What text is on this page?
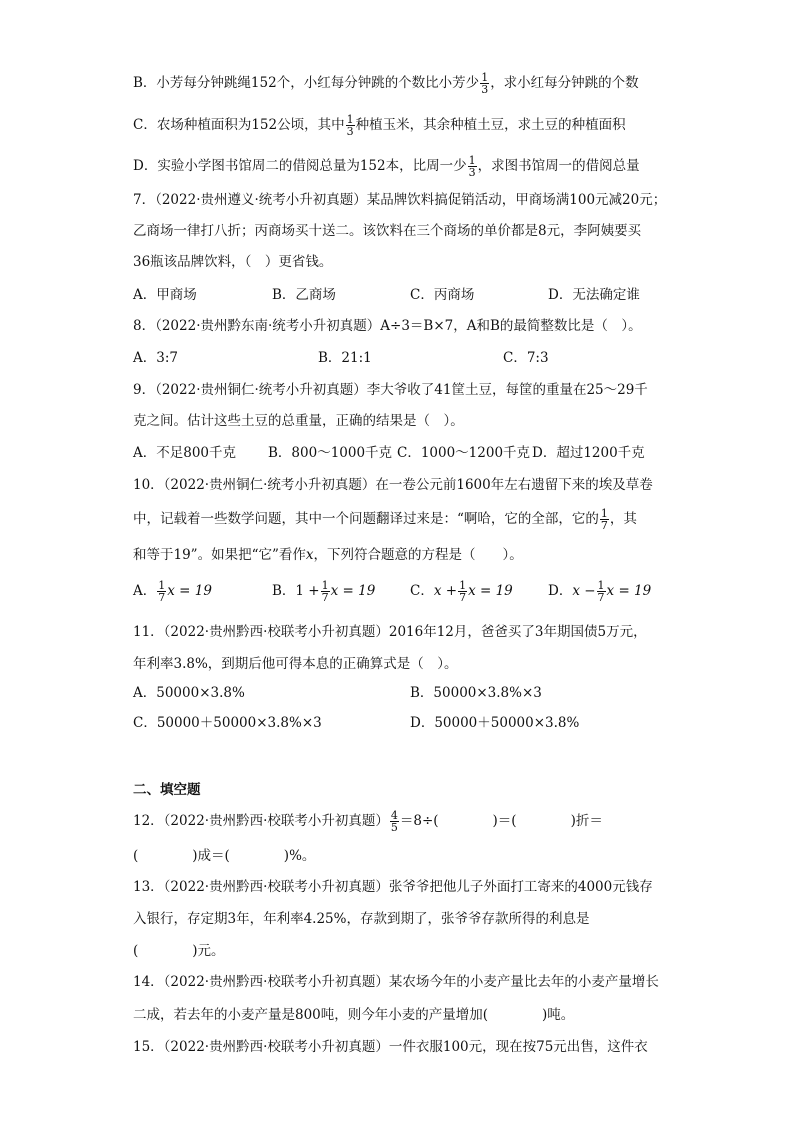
B．小芳每分钟跳绳152个，小红每分钟跳的个数比小芳少 $\frac{1}{3}$ ，求小红每分钟跳的个数
C．农场种植面积为152公顷，其中 $\frac{1}{3}$ 种植玉米，其余种植土豆，求土豆的种植面积
D．实验小学图书馆周二的借阅总量为152本，比周一少 $\frac{1}{3}$ ，求图书馆周一的借阅总量
7．（2022·贵州遵义·统考小升初真题）某品牌饮料搞促销活动，甲商场满100元减20元；
乙商场一律打八折；丙商场买十送二。该饮料在三个商场的单价都是8元，李阿姨要买
36瓶该品牌饮料，（　）更省钱。
A．甲商场	B．乙商场	C．丙商场	D．无法确定谁
8．（2022·贵州黔东南·统考小升初真题）A÷3＝B×7，A和B的最简整数比是（　）。
A．3:7	B．21:1	C．7:3
9．（2022·贵州铜仁·统考小升初真题）李大爷收了41筐土豆，每筐的重量在25～29千
克之间。估计这些土豆的总重量，正确的结果是（　）。
A．不足800千克 B．800～1000千克 C．1000～1200千克 D．超过1200千克
10．（2022·贵州铜仁·统考小升初真题）在一卷公元前1600年左右遗留下来的埃及草卷
中，记载着一些数学问题，其中一个问题翻译过来是：“啊哈，它的全部，它的 $\frac{1}{7}$ ，其
和等于19”。如果把“它”看作x，下列符合题意的方程是（　　）。
A． $\frac{1}{7}$ x = 19	B．$1 + \frac{1}{7}$ x = 19	C．$x + \frac{1}{7}$ x = 19	D．$x - \frac{1}{7}$ x = 19
11．（2022·贵州黔西·校联考小升初真题）2016年12月，爸爸买了3年期国债5万元，
年利率3.8%，到期后他可得本息的正确算式是（　）。
A．50000×3.8%	B．50000×3.8%×3
C．50000＋50000×3.8%×3	D．50000＋50000×3.8%
二、填空题
12．（2022·贵州黔西·校联考小升初真题） $\frac{4}{5} =8\div$(　　　　)＝(　　　　)折＝
(　　　　)成＝(　　　　)%。
13．（2022·贵州黔西·校联考小升初真题）张爷爷把他儿子外面打工寄来的4000元钱存
入银行，存定期3年，年利率4.25%，存款到期了，张爷爷存款所得的利息是
(　　　　)元。
14．（2022·贵州黔西·校联考小升初真题）某农场今年的小麦产量比去年的小麦产量增长
二成，若去年的小麦产量是800吨，则今年小麦的产量增加(　　　　)吨。
15．（2022·贵州黔西·校联考小升初真题）一件衣服100元，现在按75元出售，这件衣
